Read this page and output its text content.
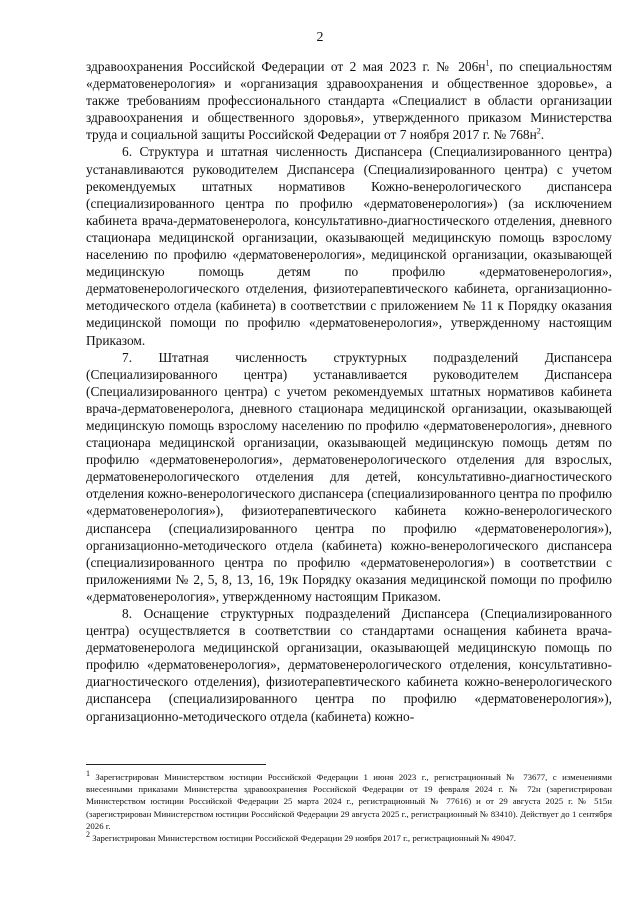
2

здравоохранения Российской Федерации от 2 мая 2023 г. № $206н^1$, по специальностям «дерматовенерология» и «организация здравоохранения и общественное здоровье», а также требованиям профессионального стандарта «Специалист в области организации здравоохранения и общественного здоровья», утвержденного приказом Министерства труда и социальной защиты Российской Федерации от 7 ноября 2017 г. № $768н^2$.

6. Структура и штатная численность Диспансера (Специализированного центра) устанавливаются руководителем Диспансера (Специализированного центра) с учетом рекомендуемых штатных нормативов Кожно-венерологического диспансера (специализированного центра по профилю «дерматовенерология») (за исключением кабинета врача-дерматовенеролога, консультативно-диагностического отделения, дневного стационара медицинской организации, оказывающей медицинскую помощь взрослому населению по профилю «дерматовенерология», медицинской организации, оказывающей медицинскую помощь детям по профилю «дерматовенерология», дерматовенерологического отделения, физиотерапевтического кабинета, организационно-методического отдела (кабинета) в соответствии с приложением № 11 к Порядку оказания медицинской помощи по профилю «дерматовенерология», утвержденному настоящим Приказом.

7. Штатная численность структурных подразделений Диспансера (Специализированного центра) устанавливается руководителем Диспансера (Специализированного центра) с учетом рекомендуемых штатных нормативов кабинета врача-дерматовенеролога, дневного стационара медицинской организации, оказывающей медицинскую помощь взрослому населению по профилю «дерматовенерология», дневного стационара медицинской организации, оказывающей медицинскую помощь детям по профилю «дерматовенерология», дерматовенерологического отделения для взрослых, дерматовенерологического отделения для детей, консультативно-диагностического отделения кожно-венерологического диспансера (специализированного центра по профилю «дерматовенерология»), физиотерапевтического кабинета кожно-венерологического диспансера (специализированного центра по профилю «дерматовенерология»), организационно-методического отдела (кабинета) кожно-венерологического диспансера (специализированного центра по профилю «дерматовенерология») в соответствии с приложениями № 2, 5, 8, 13, 16, 19к Порядку оказания медицинской помощи по профилю «дерматовенерология», утвержденному настоящим Приказом.

8. Оснащение структурных подразделений Диспансера (Специализированного центра) осуществляется в соответствии со стандартами оснащения кабинета врача-дерматовенеролога медицинской организации, оказывающей медицинскую помощь по профилю «дерматовенерология», дерматовенерологического отделения, консультативно-диагностического отделения), физиотерапевтического кабинета кожно-венерологического диспансера (специализированного центра по профилю «дерматовенерология»), организационно-методического отдела (кабинета) кожно-

$^1$ Зарегистрирован Министерством юстиции Российской Федерации 1 июня 2023 г., регистрационный № 73677, с изменениями внесенными приказами Министерства здравоохранения Российской Федерации от 19 февраля 2024 г. № 72н (зарегистрирован Министерством юстиции Российской Федерации 25 марта 2024 г., регистрационный № 77616) и от 29 августа 2025 г. № 515н (зарегистрирован Министерством юстиции Российской Федерации 29 августа 2025 г., регистрационный № 83410). Действует до 1 сентября 2026 г.

$^2$ Зарегистрирован Министерством юстиции Российской Федерации 29 ноября 2017 г., регистрационный № 49047.
